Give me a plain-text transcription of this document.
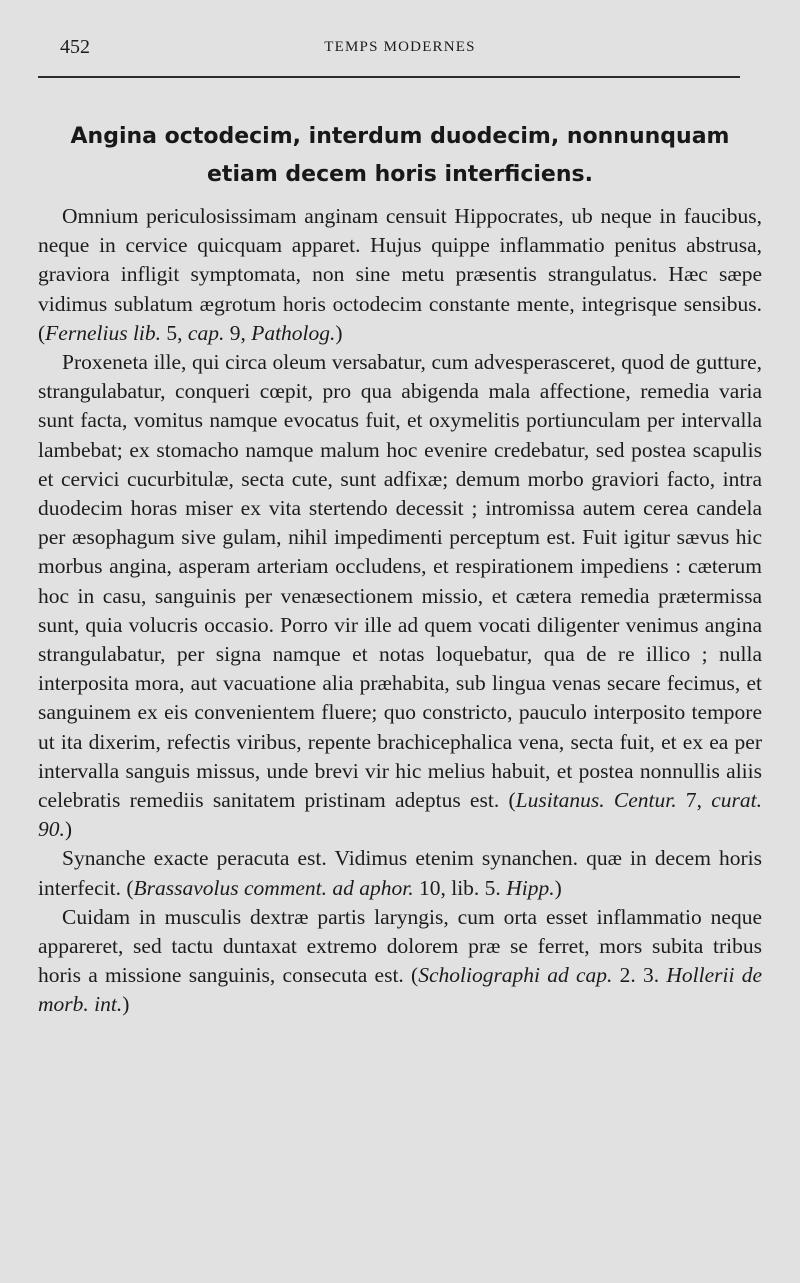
452	TEMPS MODERNES
Angina octodecim, interdum duodecim, nonnunquam etiam decem horis interficiens.

Omnium periculosissimam anginam censuit Hippocrates, ub neque in faucibus, neque in cervice quicquam apparet. Hujus quippe inflammatio penitus abstrusa, graviora infligit symptomata, non sine metu præsentis strangulatus. Hæc sæpe vidimus sublatum ægrotum horis octodecim constante mente, integrisque sensibus. (Fernelius lib. 5, cap. 9, Patholog.)

Proxeneta ille, qui circa oleum versabatur, cum advesperasceret, quod de gutture, strangulabatur, conqueri cœpit, pro qua abigenda mala affectione, remedia varia sunt facta, vomitus namque evocatus fuit, et oxymelitis portiunculam per intervalla lambebat; ex stomacho namque malum hoc evenire credebatur, sed postea scapulis et cervici cucurbitulæ, secta cute, sunt adfixæ; demum morbo graviori facto, intra duodecim horas miser ex vita stertendo decessit ; intromissa autem cerea candela per æsophagum sive gulam, nihil impedimenti perceptum est. Fuit igitur sævus hic morbus angina, asperam arteriam occludens, et respirationem impediens : cæterum hoc in casu, sanguinis per venæsectionem missio, et cætera remedia prætermissa sunt, quia volucris occasio. Porro vir ille ad quem vocati diligenter venimus angina strangulabatur, per signa namque et notas loquebatur, qua de re illico ; nulla interposita mora, aut vacuatione alia præhabita, sub lingua venas secare fecimus, et sanguinem ex eis convenientem fluere; quo constricto, pauculo interposito tempore ut ita dixerim, refectis viribus, repente brachicephalica vena, secta fuit, et ex ea per intervalla sanguis missus, unde brevi vir hic melius habuit, et postea nonnullis aliis celebratis remediis sanitatem pristinam adeptus est. (Lusitanus. Centur. 7, curat. 90.)

Synanche exacte peracuta est. Vidimus etenim synanchen. quæ in decem horis interfecit. (Brassavolus comment. ad aphor. 10, lib. 5. Hipp.)

Cuidam in musculis dextræ partis laryngis, cum orta esset inflammatio neque appareret, sed tactu duntaxat extremo dolorem præ se ferret, mors subita tribus horis a missione sanguinis, consecuta est. (Scholiographi ad cap. 2. 3. Hollerii de morb. int.)
